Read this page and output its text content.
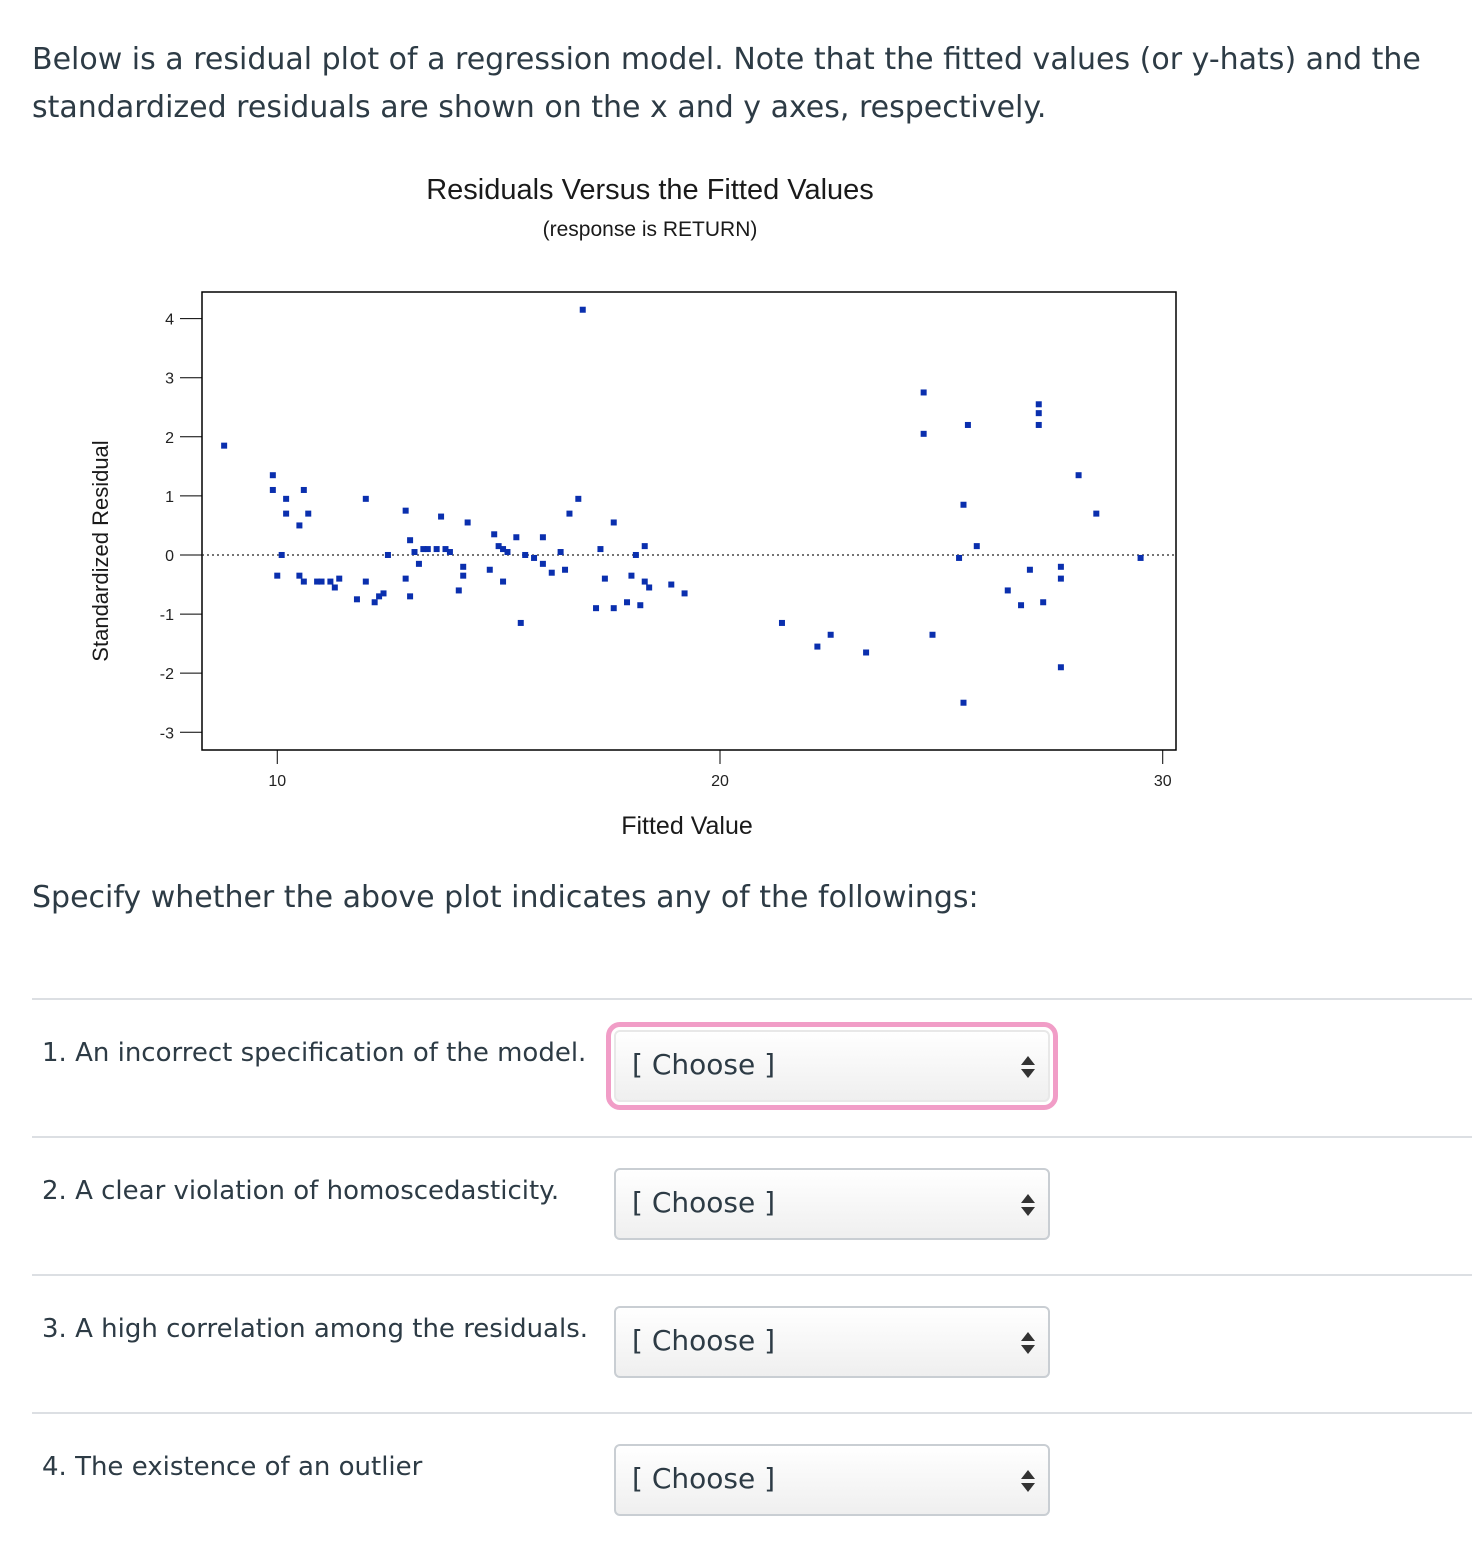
Below is a residual plot of a regression model. Note that the fitted values (or y-hats) and the standardized residuals are shown on the x and y axes, respectively.

Residuals Versus the Fitted Values
(response is RETURN)
-3
-2
-1
0
1
2
3
4
10	20	30
Fitted Value
Standardized Residual

Specify whether the above plot indicates any of the followings:

1. An incorrect specification of the model. [ Choose ]
2. A clear violation of homoscedasticity.	[ Choose ]
3. A high correlation among the residuals. [ Choose ]
4. The existence of an outlier	[ Choose ]
